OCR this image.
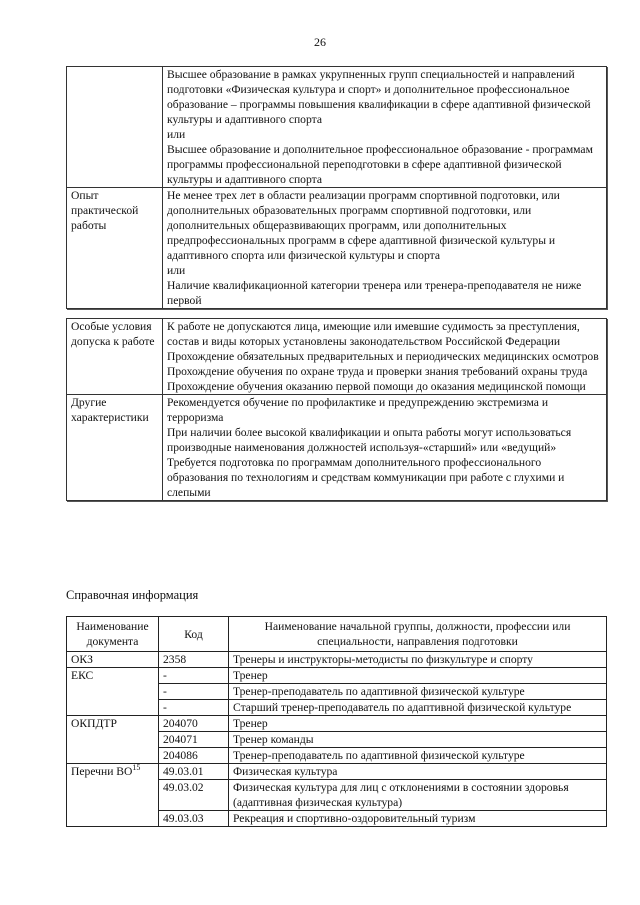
26

	Высшее образование в рамках укрупненных групп специальностей и направлений подготовки «Физическая культура и спорт» и дополнительное профессиональное образование – программы повышения квалификации в сфере адаптивной физической культуры и адаптивного спорта
или
Высшее образование и дополнительное профессиональное образование - программам программы профессиональной переподготовки в сфере адаптивной физической культуры и адаптивного спорта

Опыт практической работы	Не менее трех лет в области реализации программ спортивной подготовки, или дополнительных образовательных программ спортивной подготовки, или дополнительных общеразвивающих программ, или дополнительных предпрофессиональных программ в сфере адаптивной физической культуры и адаптивного спорта или физической культуры и спорта
или
Наличие квалификационной категории тренера или тренера-преподавателя не ниже первой
Особые условия допуска к работе	К работе не допускаются лица, имеющие или имевшие судимость за преступления, состав и виды которых установлены законодательством Российской Федерации
Прохождение обязательных предварительных и периодических медицинских осмотров
Прохождение обучения по охране труда и проверки знания требований охраны труда
Прохождение обучения оказанию первой помощи до оказания медицинской помощи

Другие характеристики	Рекомендуется обучение по профилактике и предупреждению экстремизма и терроризма
При наличии более высокой квалификации и опыта работы могут использоваться производные наименования должностей используя-«старший» или «ведущий»
Требуется подготовка по программам дополнительного профессионального образования по технологиям и средствам коммуникации при работе с глухими и слепыми
Справочная информация
Наименование документа	Код	Наименование начальной группы, должности, профессии или специальности, направления подготовки
ОКЗ	2358	Тренеры и инструкторы-методисты по физкультуре и спорту
ЕКС	-	Тренер
	-	Тренер-преподаватель по адаптивной физической культуре
	-	Старший тренер-преподаватель по адаптивной физической культуре
ОКПДТР	204070	Тренер
	204071	Тренер команды
	204086	Тренер-преподаватель по адаптивной физической культуре
Перечни ВО$^{15}$	49.03.01	Физическая культура
	49.03.02	Физическая культура для лиц с отклонениями в состоянии здоровья (адаптивная физическая культура)
	49.03.03	Рекреация и спортивно-оздоровительный туризм
